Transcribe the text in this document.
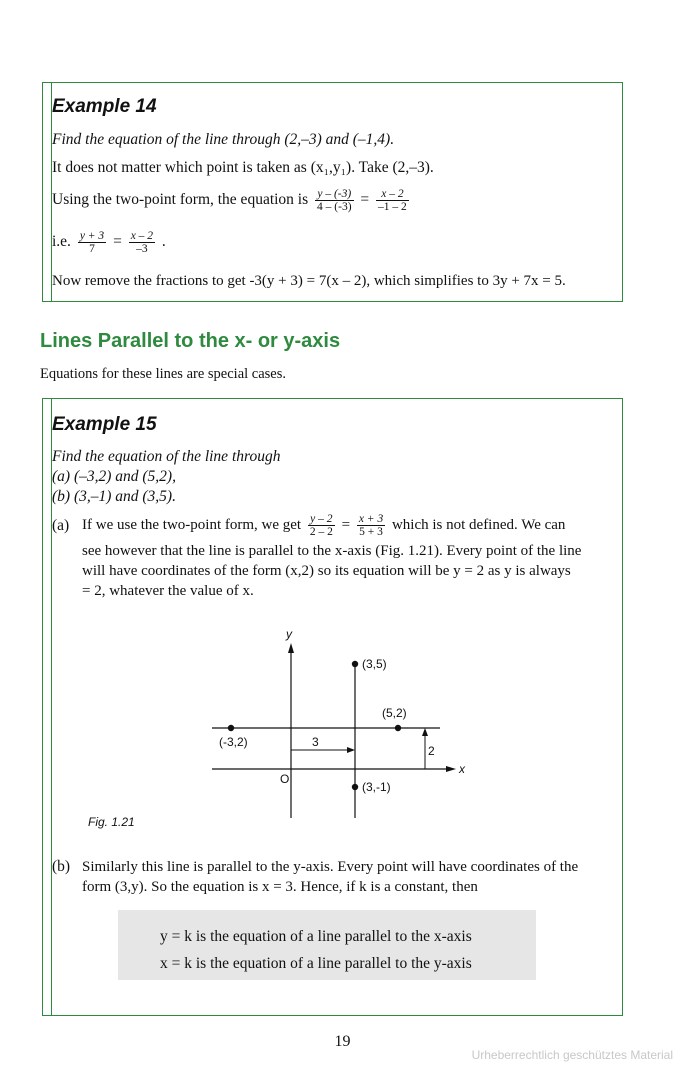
Example 14
Find the equation of the line through (2,–3) and (–1,4).
It does not matter which point is taken as (x₁,y₁). Take (2,–3).
Using the two-point form, the equation is $\frac{y - (-3)}{4 - (-3)} = \frac{x - 2}{-1 - 2}$
i.e. $\frac{y + 3}{7} = \frac{x - 2}{-3}$ .
Now remove the fractions to get -3(y + 3) = 7(x – 2), which simplifies to 3y + 7x = 5.
Lines Parallel to the x- or y-axis
Equations for these lines are special cases.
Example 15
Find the equation of the line through
(a) (–3,2) and (5,2),
(b) (3,–1) and (3,5).
(a) If we use the two-point form, we get $\frac{y - 2}{2 - 2} = \frac{x + 3}{5 + 3}$ which is not defined. We can
see however that the line is parallel to the x-axis (Fig. 1.21). Every point of the line
will have coordinates of the form (x,2) so its equation will be y = 2 as y is always
= 2, whatever the value of x.
y
x
O
(-3,2)
(5,2)
(3,5)
(3,-1)
3
2
Fig. 1.21
(b) Similarly this line is parallel to the y-axis. Every point will have coordinates of the
form (3,y). So the equation is x = 3. Hence, if k is a constant, then
y = k is the equation of a line parallel to the x-axis
x = k is the equation of a line parallel to the y-axis
19
Urheberrechtlich geschütztes Material
